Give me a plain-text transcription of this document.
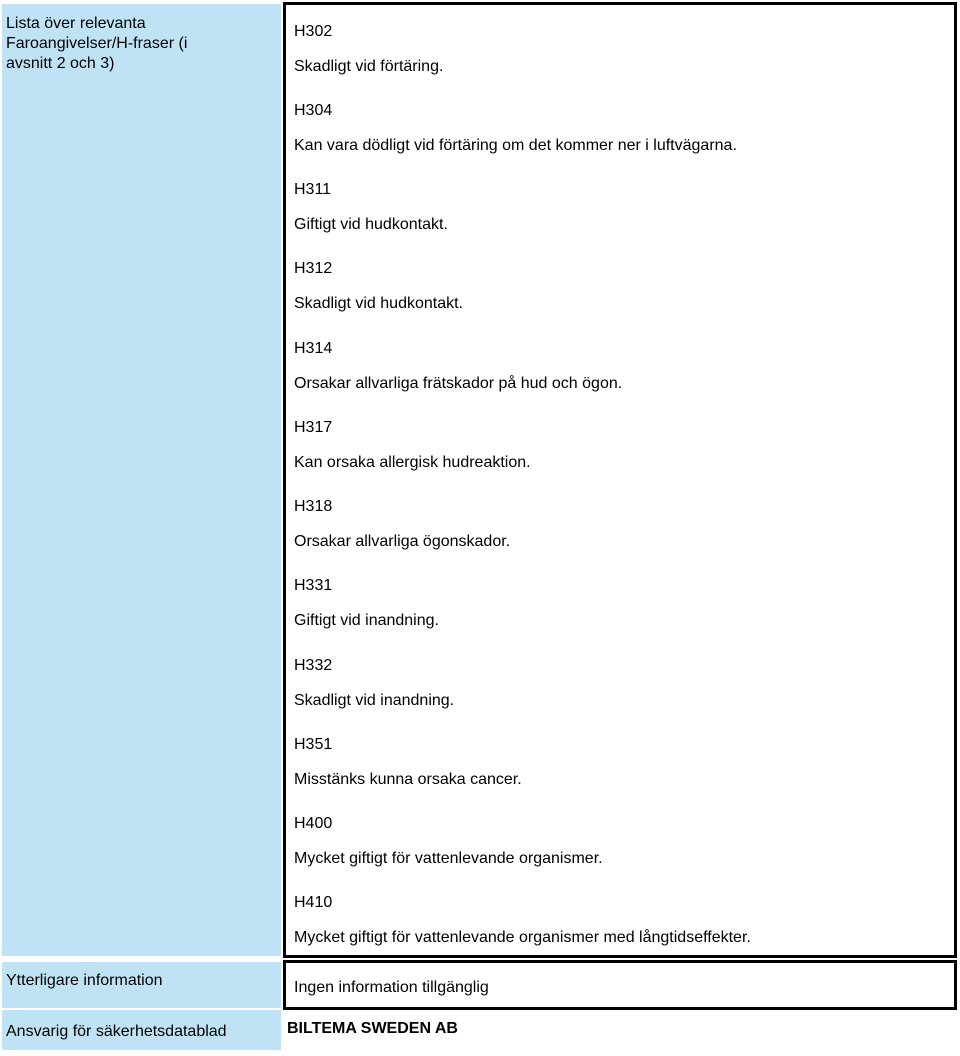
Lista över relevanta
Faroangivelser/H-fraser (i
avsnitt 2 och 3)
H302
Skadligt vid förtäring.
H304
Kan vara dödligt vid förtäring om det kommer ner i luftvägarna.
H311
Giftigt vid hudkontakt.
H312
Skadligt vid hudkontakt.
H314
Orsakar allvarliga frätskador på hud och ögon.
H317
Kan orsaka allergisk hudreaktion.
H318
Orsakar allvarliga ögonskador.
H331
Giftigt vid inandning.
H332
Skadligt vid inandning.
H351
Misstänks kunna orsaka cancer.
H400
Mycket giftigt för vattenlevande organismer.
H410
Mycket giftigt för vattenlevande organismer med långtidseffekter.
Ytterligare information	Ingen information tillgänglig
Ansvarig för säkerhetsdatablad	BILTEMA SWEDEN AB
